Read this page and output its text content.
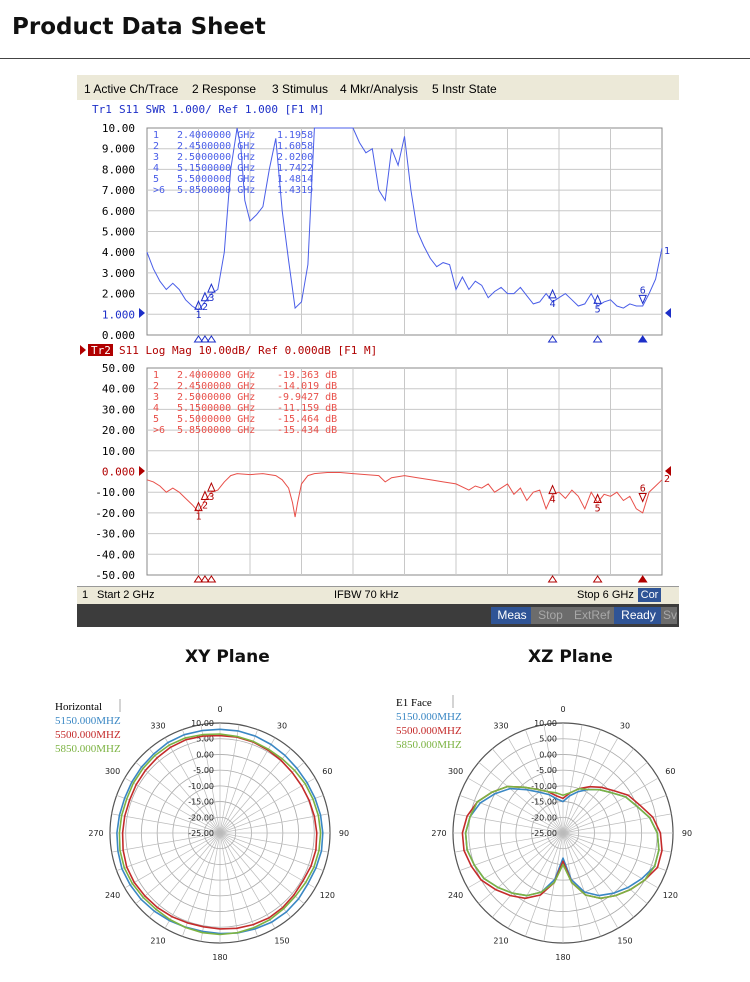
Product Data Sheet
1 Active Ch/Trace 2 Response 3 Stimulus 4 Mkr/Analysis 5 Instr State
Tr1 S11 SWR 1.000/ Ref 1.000 [F1 M]
10.00
9.000
8.000
7.000
6.000
5.000
4.000
3.000
2.000
1.000
0.000
1 2.4000000 GHz 1.1958
2 2.4500000 GHz 1.6058
3 2.5000000 GHz 2.0200
4 5.1500000 GHz 1.7422
5 5.5000000 GHz 1.4814
>6 5.8500000 GHz 1.4319
1
2
3
4	5
6
1
Tr2 S11 Log Mag 10.00dB/ Ref 0.000dB [F1 M]
50.00
40.00
30.00
20.00
10.00
0.000
-10.00
-20.00
-30.00
-40.00
-50.00
1 2.4000000 GHz -19.363 dB
2 2.4500000 GHz -14.019 dB
3 2.5000000 GHz -9.9427 dB
4 5.1500000 GHz -11.159 dB
5 5.5000000 GHz -15.464 dB
>6 5.8500000 GHz -15.434 dB
1
2
3	4
5
6
2
1 Start 2 GHz	IFBW 70 kHz	Stop 6 GHz Cor
Meas Stop ExtRef Ready Sv
XY Plane	XZ Plane
10.00
5.00
0.00
-5.00
-10.00
-15.00
-20.00
-25.00
0
30
60
90
120
150
180
210
240
270
300
330
Horizontal
5150.000MHZ
5500.000MHZ
5850.000MHZ
10.00
5.00
0.00
-5.00
-10.00
-15.00
-20.00
-25.00
0
30
60
90
120
150
180
210
240
270
300
330
E1 Face
5150.000MHZ
5500.000MHZ
5850.000MHZ
